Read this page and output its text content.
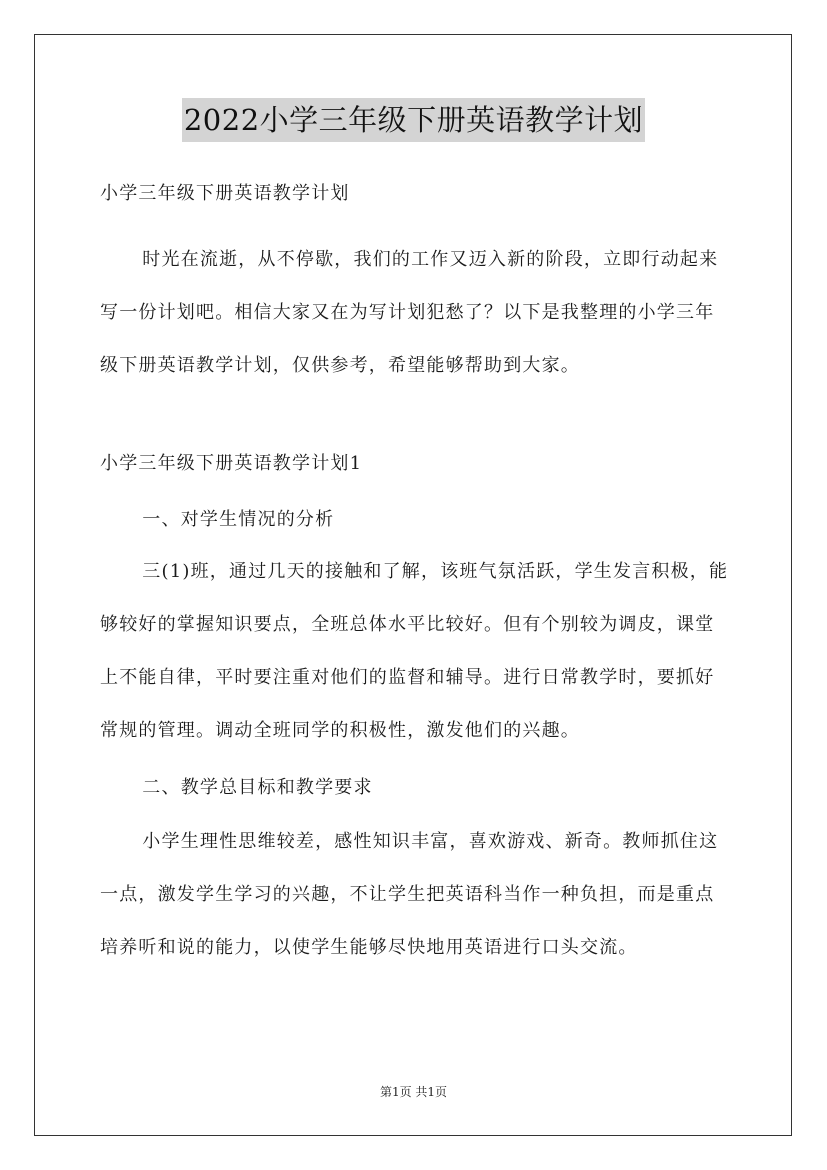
2022小学三年级下册英语教学计划

小学三年级下册英语教学计划

时光在流逝，从不停歇，我们的工作又迈入新的阶段，立即行动起来写一份计划吧。相信大家又在为写计划犯愁了？以下是我整理的小学三年级下册英语教学计划，仅供参考，希望能够帮助到大家。

小学三年级下册英语教学计划1

一、对学生情况的分析

三(1)班，通过几天的接触和了解，该班气氛活跃，学生发言积极，能够较好的掌握知识要点，全班总体水平比较好。但有个别较为调皮，课堂上不能自律，平时要注重对他们的监督和辅导。进行日常教学时，要抓好常规的管理。调动全班同学的积极性，激发他们的兴趣。

二、教学总目标和教学要求

小学生理性思维较差，感性知识丰富，喜欢游戏、新奇。教师抓住这一点，激发学生学习的兴趣，不让学生把英语科当作一种负担，而是重点培养听和说的能力，以使学生能够尽快地用英语进行口头交流。

第1页 共1页
